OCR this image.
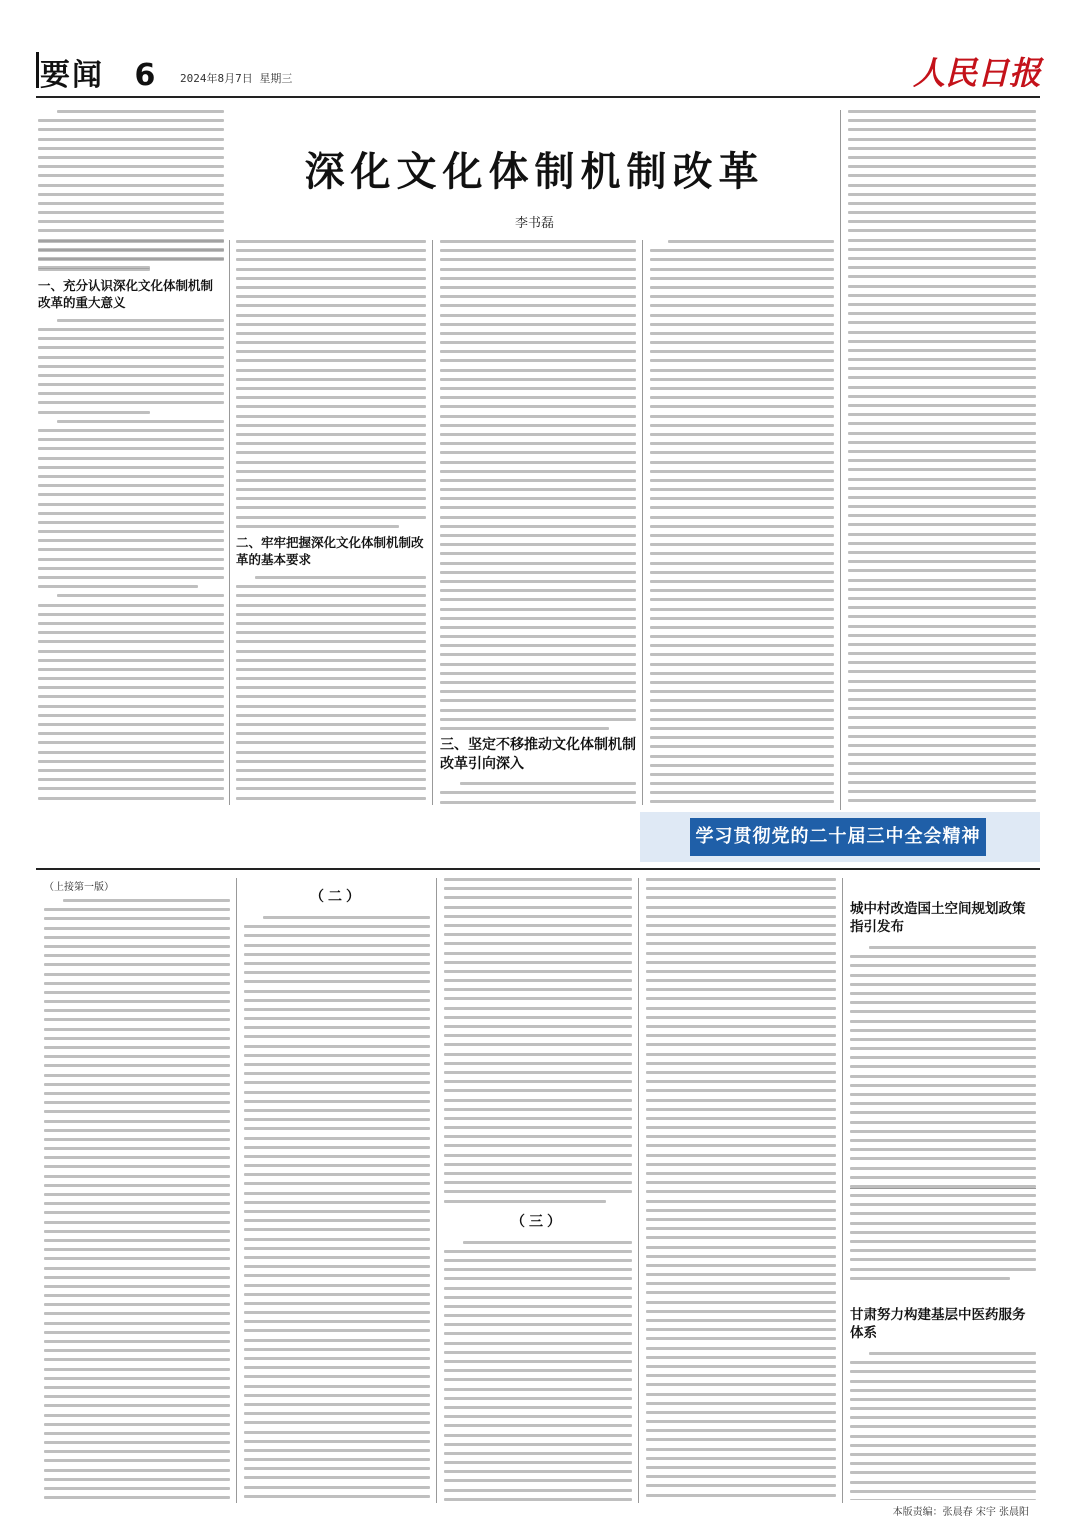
要闻 6 2024年8月7日 星期三	人民日报
深化文化体制机制改革
李书磊
一、充分认识深化文化体制机制改革的重大意义
二、牢牢把握深化文化体制机制改革的基本要求
三、坚定不移推动文化体制机制改革引向深入
学习贯彻党的二十届三中全会精神
（上接第一版）
（二）
（三）
城中村改造国土空间规划政策指引发布
甘肃努力构建基层中医药服务体系
本版责编：张晨春 宋宇 张晨阳
